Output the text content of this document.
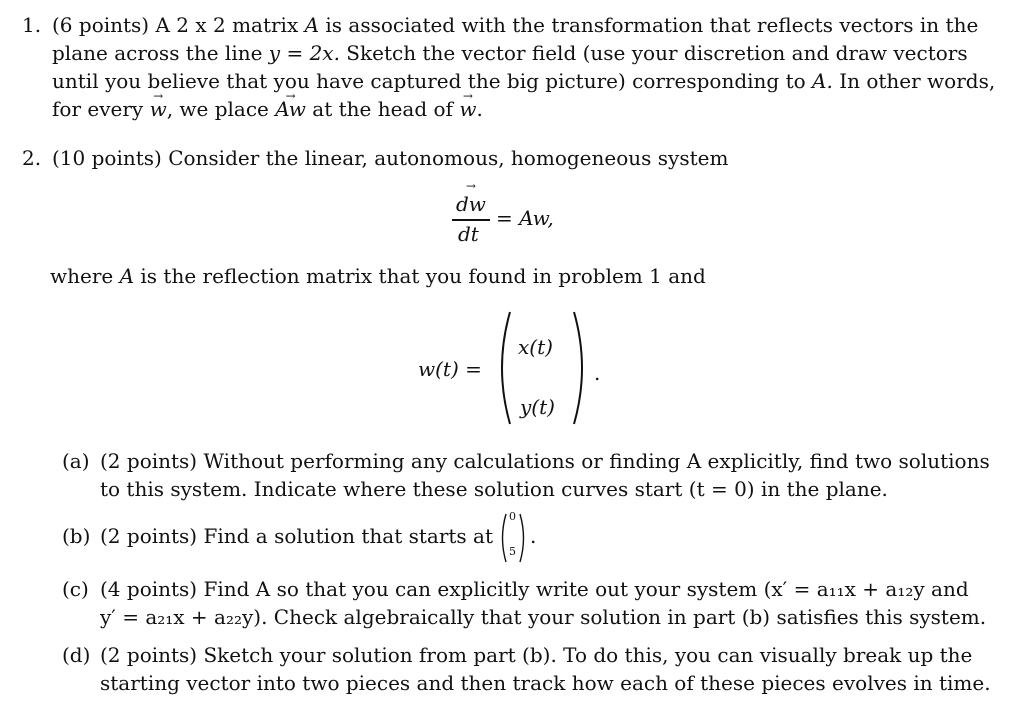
1. (6 points) A 2 x 2 matrix A is associated with the transformation that reflects vectors in the
plane across the line y = 2x. Sketch the vector field (use your discretion and draw vectors
until you believe that you have captured the big picture) corresponding to A. In other words,
for every → w, we place → Aw at the head of → w.
2. (10 points) Consider the linear, autonomous, homogeneous system
→ dw
dt
= Aw,
where A is the reflection matrix that you found in problem 1 and
w(t) =
x(t)
y(t)
.
(a) (2 points) Without performing any calculations or finding A explicitly, find two solutions
to this system. Indicate where these solution curves start (t = 0) in the plane.
(b) (2 points) Find a solution that starts at
0
5
.
(c) (4 points) Find A so that you can explicitly write out your system (x′ = a₁₁x + a₁₂y and
y′ = a₂₁x + a₂₂y). Check algebraically that your solution in part (b) satisfies this system.
(d) (2 points) Sketch your solution from part (b). To do this, you can visually break up the
starting vector into two pieces and then track how each of these pieces evolves in time.
